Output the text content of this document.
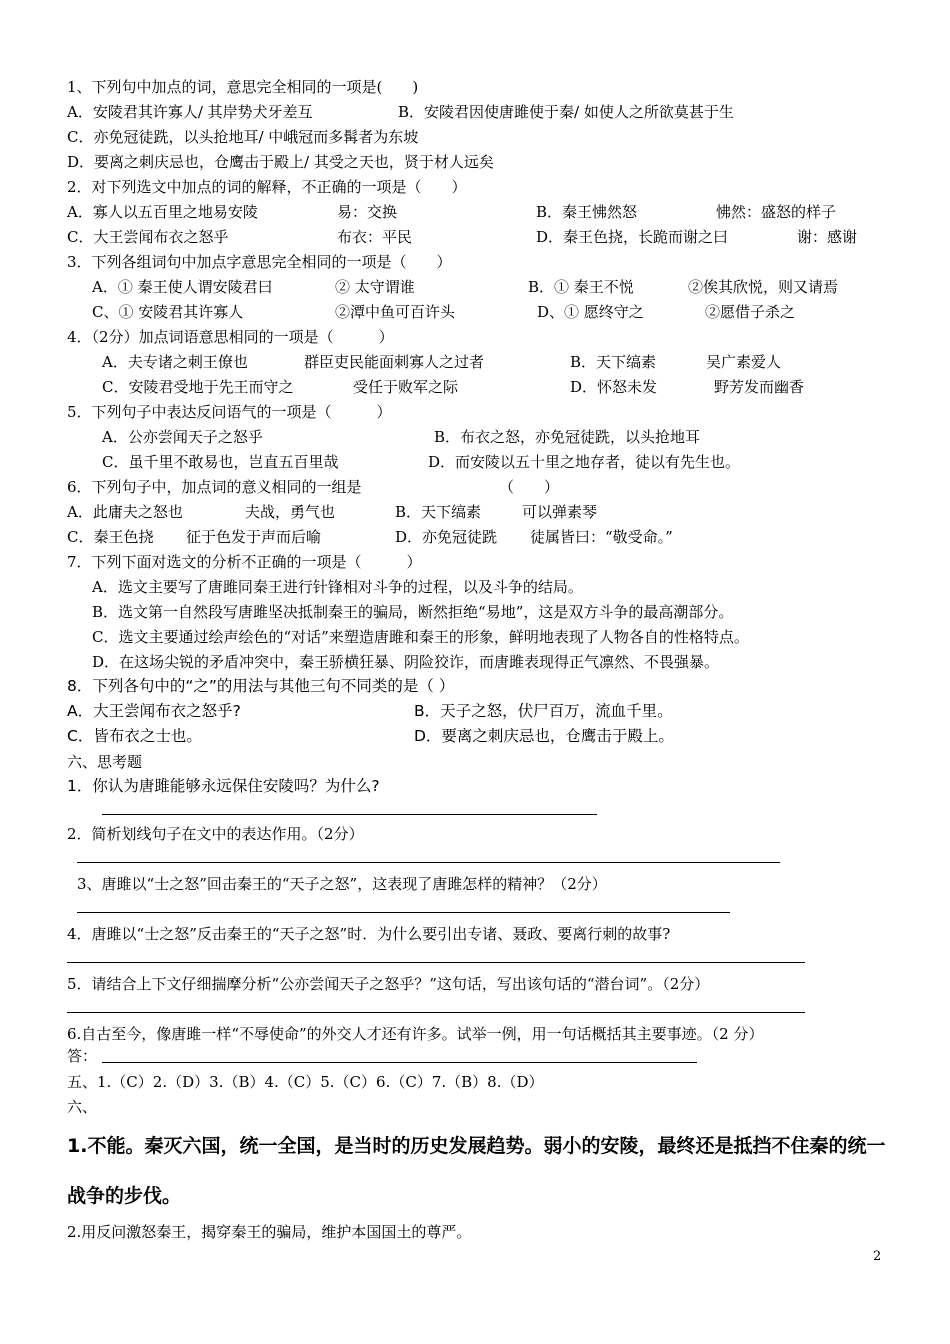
1、下列句中加点的词，意思完全相同的一项是(　　)
A．安陵君其许寡人/ 其岸势犬牙差互	B．安陵君因使唐雎使于秦/ 如使人之所欲莫甚于生
C．亦免冠徒跣，以头抢地耳/ 中峨冠而多髯者为东坡
D．要离之刺庆忌也，仓鹰击于殿上/ 其受之天也，贤于材人远矣
2．对下列选文中加点的词的解释，不正确的一项是（　　）
A．寡人以五百里之地易安陵	易：交换	B．秦王怫然怒	怫然：盛怒的样子
C．大王尝闻布衣之怒乎	布衣：平民	D．秦王色挠，长跪而谢之曰	谢：感谢
3．下列各组词句中加点字意思完全相同的一项是（　　）
A．① 秦王使人谓安陵君曰	② 太守谓谁	B．① 秦王不悦	②俟其欣悦，则又请焉
C、① 安陵君其许寡人	②潭中鱼可百许头	D、① 愿终守之	②愿借子杀之
4．（2分）加点词语意思相同的一项是（　　　）
A．夫专诸之刺王僚也	群臣吏民能面刺寡人之过者	B．天下缟素	吴广素爱人
C．安陵君受地于先王而守之	受任于败军之际	D．怀怒未发	野芳发而幽香
5．下列句子中表达反问语气的一项是（　　　）
A．公亦尝闻天子之怒乎	B．布衣之怒，亦免冠徒跣，以头抢地耳
C．虽千里不敢易也，岂直五百里哉	D．而安陵以五十里之地存者，徒以有先生也。
6．下列句子中，加点词的意义相同的一组是	（　　）
A．此庸夫之怒也	夫战，勇气也	B．天下缟素	可以弹素琴
C．秦王色挠 征于色发于声而后喻	D．亦免冠徒跣 徒属皆曰：“敬受命。”
7．下列下面对选文的分析不正确的一项是（　　　）
A．选文主要写了唐雎同秦王进行针锋相对斗争的过程，以及斗争的结局。
B．选文第一自然段写唐雎坚决抵制秦王的骗局，断然拒绝“易地”，这是双方斗争的最高潮部分。
C．选文主要通过绘声绘色的“对话”来塑造唐雎和秦王的形象，鲜明地表现了人物各自的性格特点。
D．在这场尖锐的矛盾冲突中，秦王骄横狂暴、阴险狡诈，而唐雎表现得正气凛然、不畏强暴。
8．下列各句中的“之”的用法与其他三句不同类的是（ ）
A．大王尝闻布衣之怒乎?	B．天子之怒，伏尸百万，流血千里。
C．皆布衣之士也。	D．要离之刺庆忌也，仓鹰击于殿上。
六、思考题
1．你认为唐雎能够永远保住安陵吗？为什么?
2．简析划线句子在文中的表达作用。（2分）
3、唐雎以“士之怒”回击秦王的“天子之怒”，这表现了唐雎怎样的精神？（2分）
4．唐雎以“士之怒”反击秦王的“天子之怒”时．为什么要引出专诸、聂政、要离行刺的故事?
5．请结合上下文仔细揣摩分析“公亦尝闻天子之怒乎？”这句话，写出该句话的“潜台词”。（2分）
6.自古至今，像唐雎一样“不辱使命”的外交人才还有许多。试举一例，用一句话概括其主要事迹。（2 分）
答：
五、1.（C）2.（D）3.（B）4.（C）5.（C）6.（C）7.（B）8.（D）
六、
1.不能。秦灭六国，统一全国，是当时的历史发展趋势。弱小的安陵，最终还是抵挡不住秦的统一
战争的步伐。
2.用反问激怒秦王，揭穿秦王的骗局，维护本国国土的尊严。
2
